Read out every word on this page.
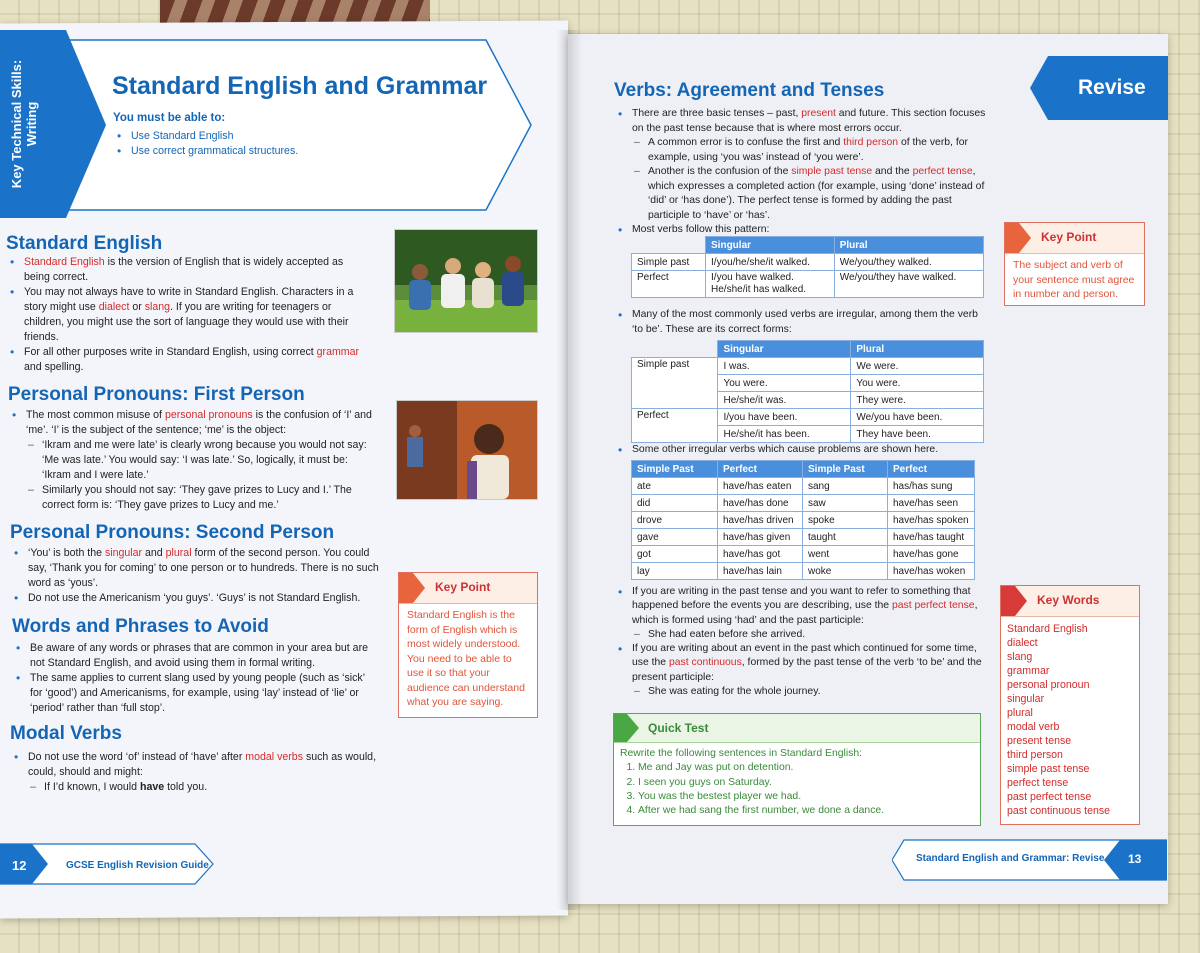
Key Technical Skills: Writing
Standard English and Grammar
You must be able to:
• Use Standard English
• Use correct grammatical structures.
Standard English
• Standard English is the version of English that is widely accepted as being correct.
• You may not always have to write in Standard English. Characters in a story might use dialect or slang. If you are writing for teenagers or children, you might use the sort of language they would use with their friends.
• For all other purposes write in Standard English, using correct grammar and spelling.
Personal Pronouns: First Person
• The most common misuse of personal pronouns is the confusion of ‘I’ and ‘me’. ‘I’ is the subject of the sentence; ‘me’ is the object:
– ‘Ikram and me were late’ is clearly wrong because you would not say: ‘Me was late.’ You would say: ‘I was late.’ So, logically, it must be: ‘Ikram and I were late.’
– Similarly you should not say: ‘They gave prizes to Lucy and I.’ The correct form is: ‘They gave prizes to Lucy and me.’
Personal Pronouns: Second Person
• ‘You’ is both the singular and plural form of the second person. You could say, ‘Thank you for coming’ to one person or to hundreds. There is no such word as ‘yous’.
• Do not use the Americanism ‘you guys’. ‘Guys’ is not Standard English.
Key Point
Standard English is the form of English which is most widely understood. You need to be able to use it so that your audience can understand what you are saying.
Words and Phrases to Avoid
• Be aware of any words or phrases that are common in your area but are not Standard English, and avoid using them in formal writing.
• The same applies to current slang used by young people (such as ‘sick’ for ‘good’) and Americanisms, for example, using ‘lay’ instead of ‘lie’ or ‘period’ rather than ‘full stop’.
Modal Verbs
• Do not use the word ‘of’ instead of ‘have’ after modal verbs such as would, could, should and might:
– If I’d known, I would have told you.
12	GCSE English Revision Guide
Revise
Verbs: Agreement and Tenses
• There are three basic tenses – past, present and future. This section focuses on the past tense because that is where most errors occur.
– A common error is to confuse the first and third person of the verb, for example, using ‘you was’ instead of ‘you were’.
– Another is the confusion of the simple past tense and the perfect tense, which expresses a completed action (for example, using ‘done’ instead of ‘did’ or ‘has done’). The perfect tense is formed by adding the past participle to ‘have’ or ‘has’.
• Most verbs follow this pattern:
	Singular	Plural
Simple past	I/you/he/she/it walked.	We/you/they walked.
Perfect	I/you have walked.
He/she/it has walked.	We/you/they have walked.
• Many of the most commonly used verbs are irregular, among them the verb ‘to be’. These are its correct forms:
	Singular	Plural
Simple past	I was.	We were.
	You were.	You were.
	He/she/it was.	They were.
Perfect	I/you have been.	We/you have been.
	He/she/it has been.	They have been.
• Some other irregular verbs which cause problems are shown here.
Simple Past	Perfect	Simple Past	Perfect
ate	have/has eaten	sang	has/has sung
did	have/has done	saw	have/has seen
drove	have/has driven	spoke	have/has spoken
gave	have/has given	taught	have/has taught
got	have/has got	went	have/has gone
lay	have/has lain	woke	have/has woken
• If you are writing in the past tense and you want to refer to something that happened before the events you are describing, use the past perfect tense, which is formed using ‘had’ and the past participle:
– She had eaten before she arrived.
• If you are writing about an event in the past which continued for some time, use the past continuous, formed by the past tense of the verb ‘to be’ and the present participle:
– She was eating for the whole journey.
Key Point
The subject and verb of your sentence must agree in number and person.
Key Words
Standard English
dialect
slang
grammar
personal pronoun
singular
plural
modal verb
present tense
third person
simple past tense
perfect tense
past perfect tense
past continuous tense
Quick Test
Rewrite the following sentences in Standard English:
1. Me and Jay was put on detention.
2. I seen you guys on Saturday.
3. You was the bestest player we had.
4. After we had sang the first number, we done a dance.
Standard English and Grammar: Revise 13
